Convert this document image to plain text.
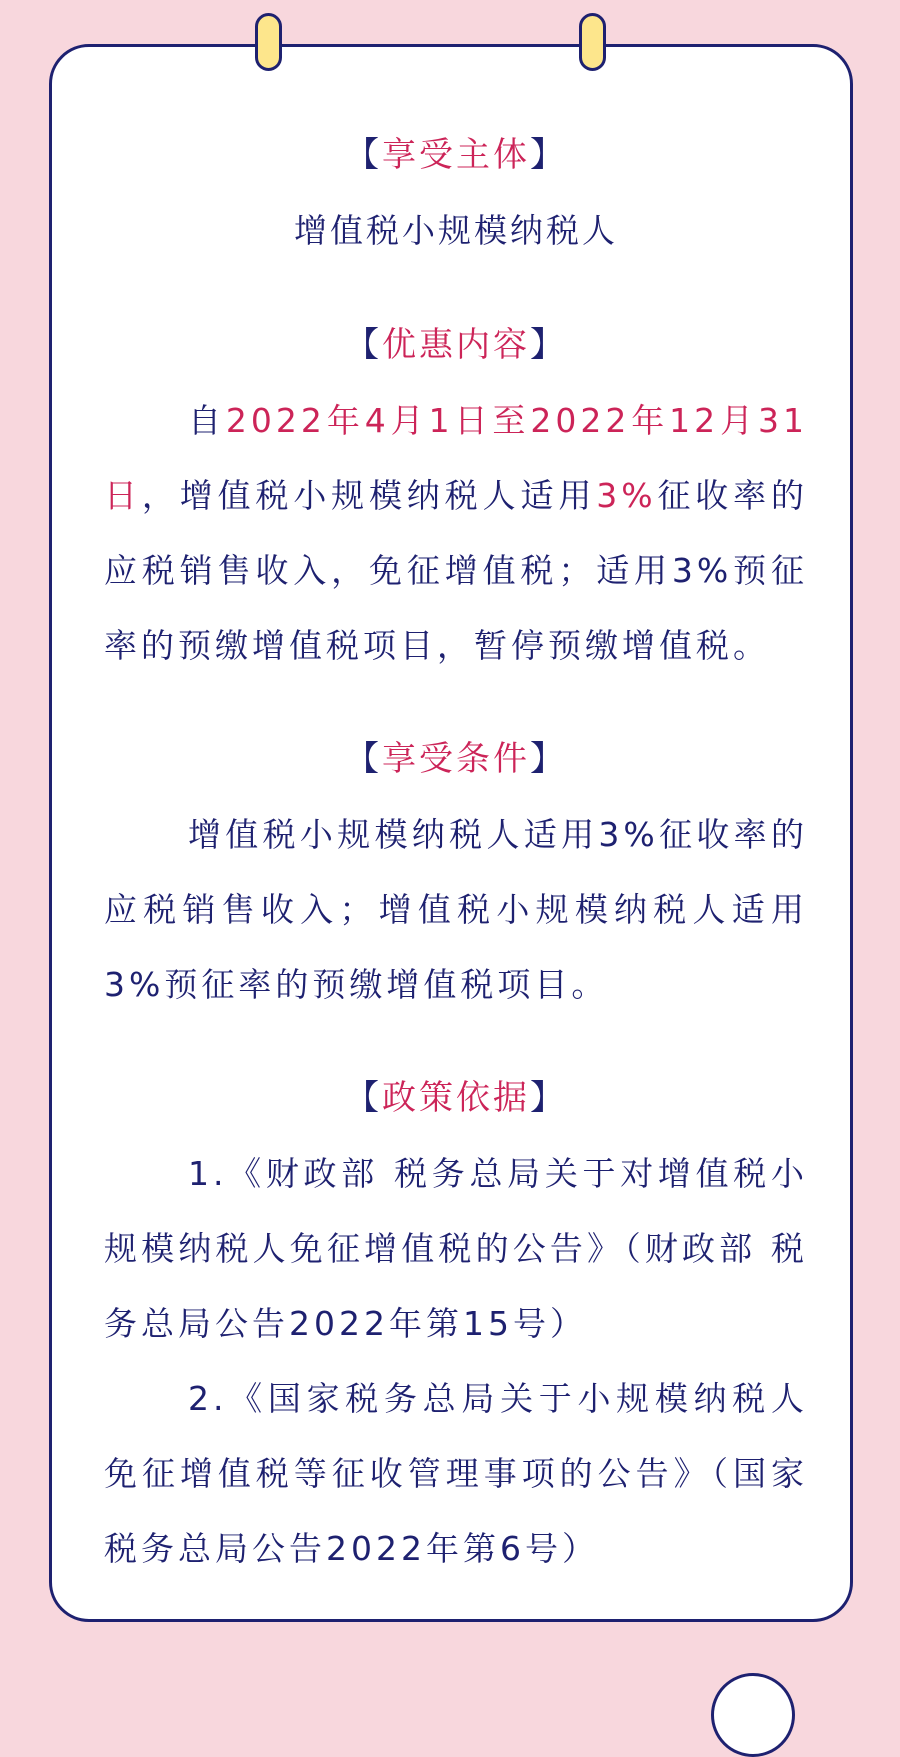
【享受主体】
增值税小规模纳税人
【优惠内容】

自2022年4月1日至2022年12月31日，增值税小规模纳税人适用3%征收率的应税销售收入，免征增值税；适用3%预征率的预缴增值税项目，暂停预缴增值税。

【享受条件】

增值税小规模纳税人适用3%征收率的应税销售收入；增值税小规模纳税人适用3%预征率的预缴增值税项目。

【政策依据】

1.《财政部 税务总局关于对增值税小规模纳税人免征增值税的公告》（财政部 税务总局公告2022年第15号）

2.《国家税务总局关于小规模纳税人免征增值税等征收管理事项的公告》（国家税务总局公告2022年第6号）
